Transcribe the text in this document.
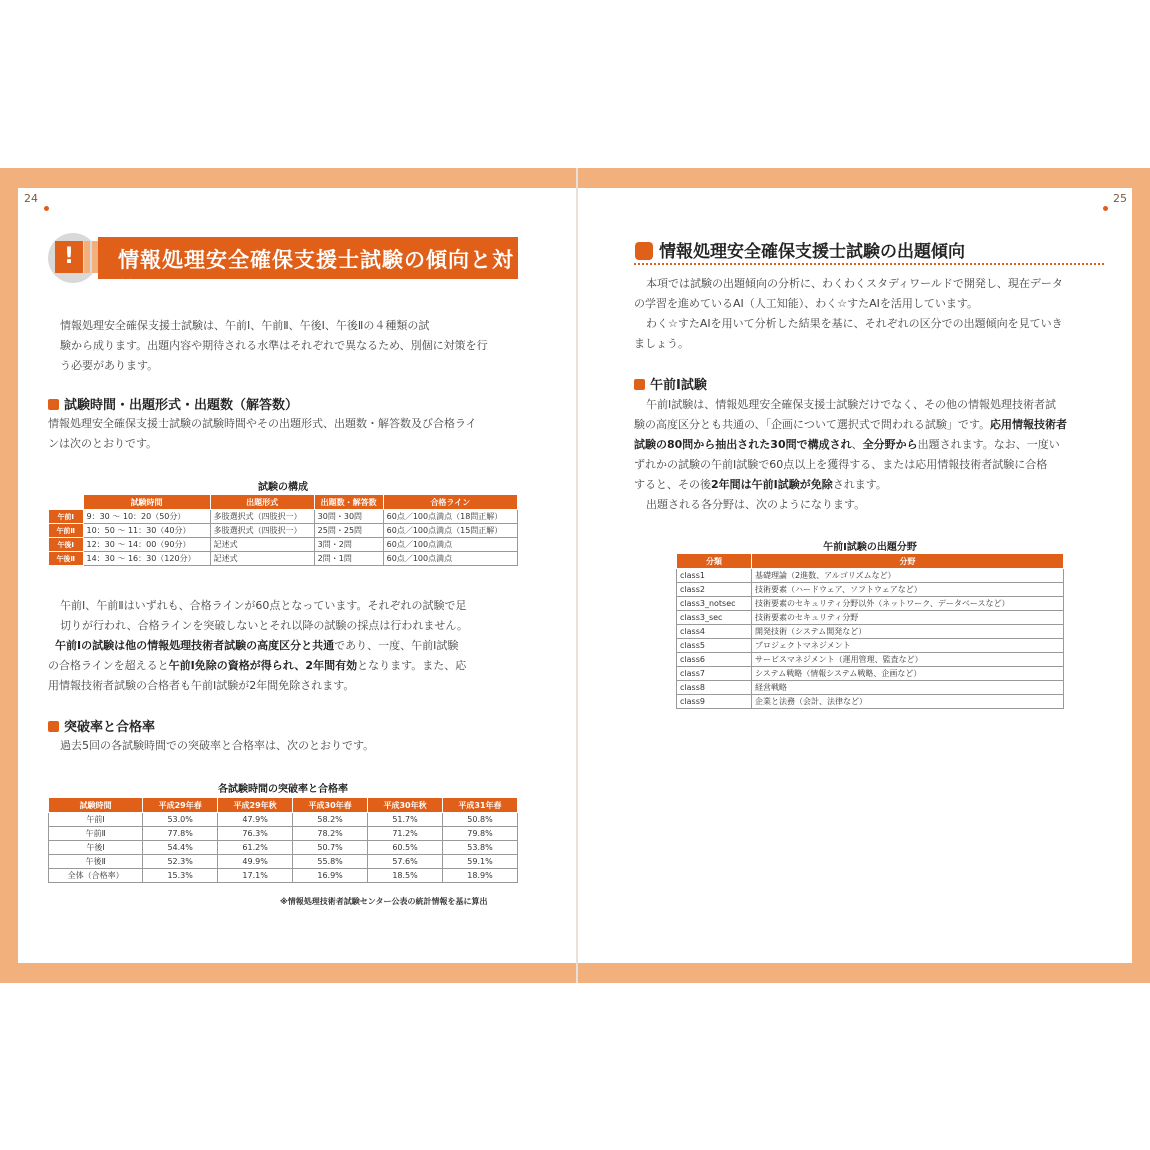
24	25
!	情報処理安全確保支援士試験の傾向と対策
情報処理安全確保支援士試験は、午前Ⅰ、午前Ⅱ、午後Ⅰ、午後Ⅱの４種類の試
験から成ります。出題内容や期待される水準はそれぞれで異なるため、別個に対策を行
う必要があります。
試験時間・出題形式・出題数（解答数）
情報処理安全確保支援士試験の試験時間やその出題形式、出題数・解答数及び合格ライ
ンは次のとおりです。
試験の構成
	試験時間	出題形式	出題数・解答数	合格ライン
午前Ⅰ	9：30 ～ 10：20（50分）	多肢選択式（四肢択一）	30問・30問	60点／100点満点（18問正解）
午前Ⅱ	10：50 ～ 11：30（40分）	多肢選択式（四肢択一）	25問・25問	60点／100点満点（15問正解）
午後Ⅰ	12：30 ～ 14：00（90分）	記述式	3問・2問	60点／100点満点
午後Ⅱ	14：30 ～ 16：30（120分）	記述式	2問・1問	60点／100点満点
午前Ⅰ、午前Ⅱはいずれも、合格ラインが60点となっています。それぞれの試験で足
切りが行われ、合格ラインを突破しないとそれ以降の試験の採点は行われません。
午前Ⅰの試験は他の情報処理技術者試験の高度区分と共通であり、一度、午前Ⅰ試験
の合格ラインを超えると午前Ⅰ免除の資格が得られ、2年間有効となります。また、応
用情報技術者試験の合格者も午前Ⅰ試験が2年間免除されます。
突破率と合格率
過去5回の各試験時間での突破率と合格率は、次のとおりです。
各試験時間の突破率と合格率
試験時間	平成29年春	平成29年秋	平成30年春	平成30年秋	平成31年春
午前Ⅰ	53.0%	47.9%	58.2%	51.7%	50.8%
午前Ⅱ	77.8%	76.3%	78.2%	71.2%	79.8%
午後Ⅰ	54.4%	61.2%	50.7%	60.5%	53.8%
午後Ⅱ	52.3%	49.9%	55.8%	57.6%	59.1%
全体（合格率）	15.3%	17.1%	16.9%	18.5%	18.9%
※情報処理技術者試験センター公表の統計情報を基に算出
情報処理安全確保支援士試験の出題傾向
本項では試験の出題傾向の分析に、わくわくスタディワールドで開発し、現在データ
の学習を進めているAI（人工知能）、わく☆すたAIを活用しています。
わく☆すたAIを用いて分析した結果を基に、それぞれの区分での出題傾向を見ていき
ましょう。
午前Ⅰ試験
午前Ⅰ試験は、情報処理安全確保支援士試験だけでなく、その他の情報処理技術者試
験の高度区分とも共通の、「企画について選択式で問われる試験」です。応用情報技術者
試験の80問から抽出された30問で構成され、全分野から出題されます。なお、一度い
ずれかの試験の午前Ⅰ試験で60点以上を獲得する、または応用情報技術者試験に合格
すると、その後2年間は午前Ⅰ試験が免除されます。
出題される各分野は、次のようになります。
午前Ⅰ試験の出題分野
分類	分野
class1	基礎理論（2進数、アルゴリズムなど）
class2	技術要素（ハードウェア、ソフトウェアなど）
class3_notsec	技術要素のセキュリティ分野以外（ネットワーク、データベースなど）
class3_sec	技術要素のセキュリティ分野
class4	開発技術（システム開発など）
class5	プロジェクトマネジメント
class6	サービスマネジメント（運用管理、監査など）
class7	システム戦略（情報システム戦略、企画など）
class8	経営戦略
class9	企業と法務（会計、法律など）
